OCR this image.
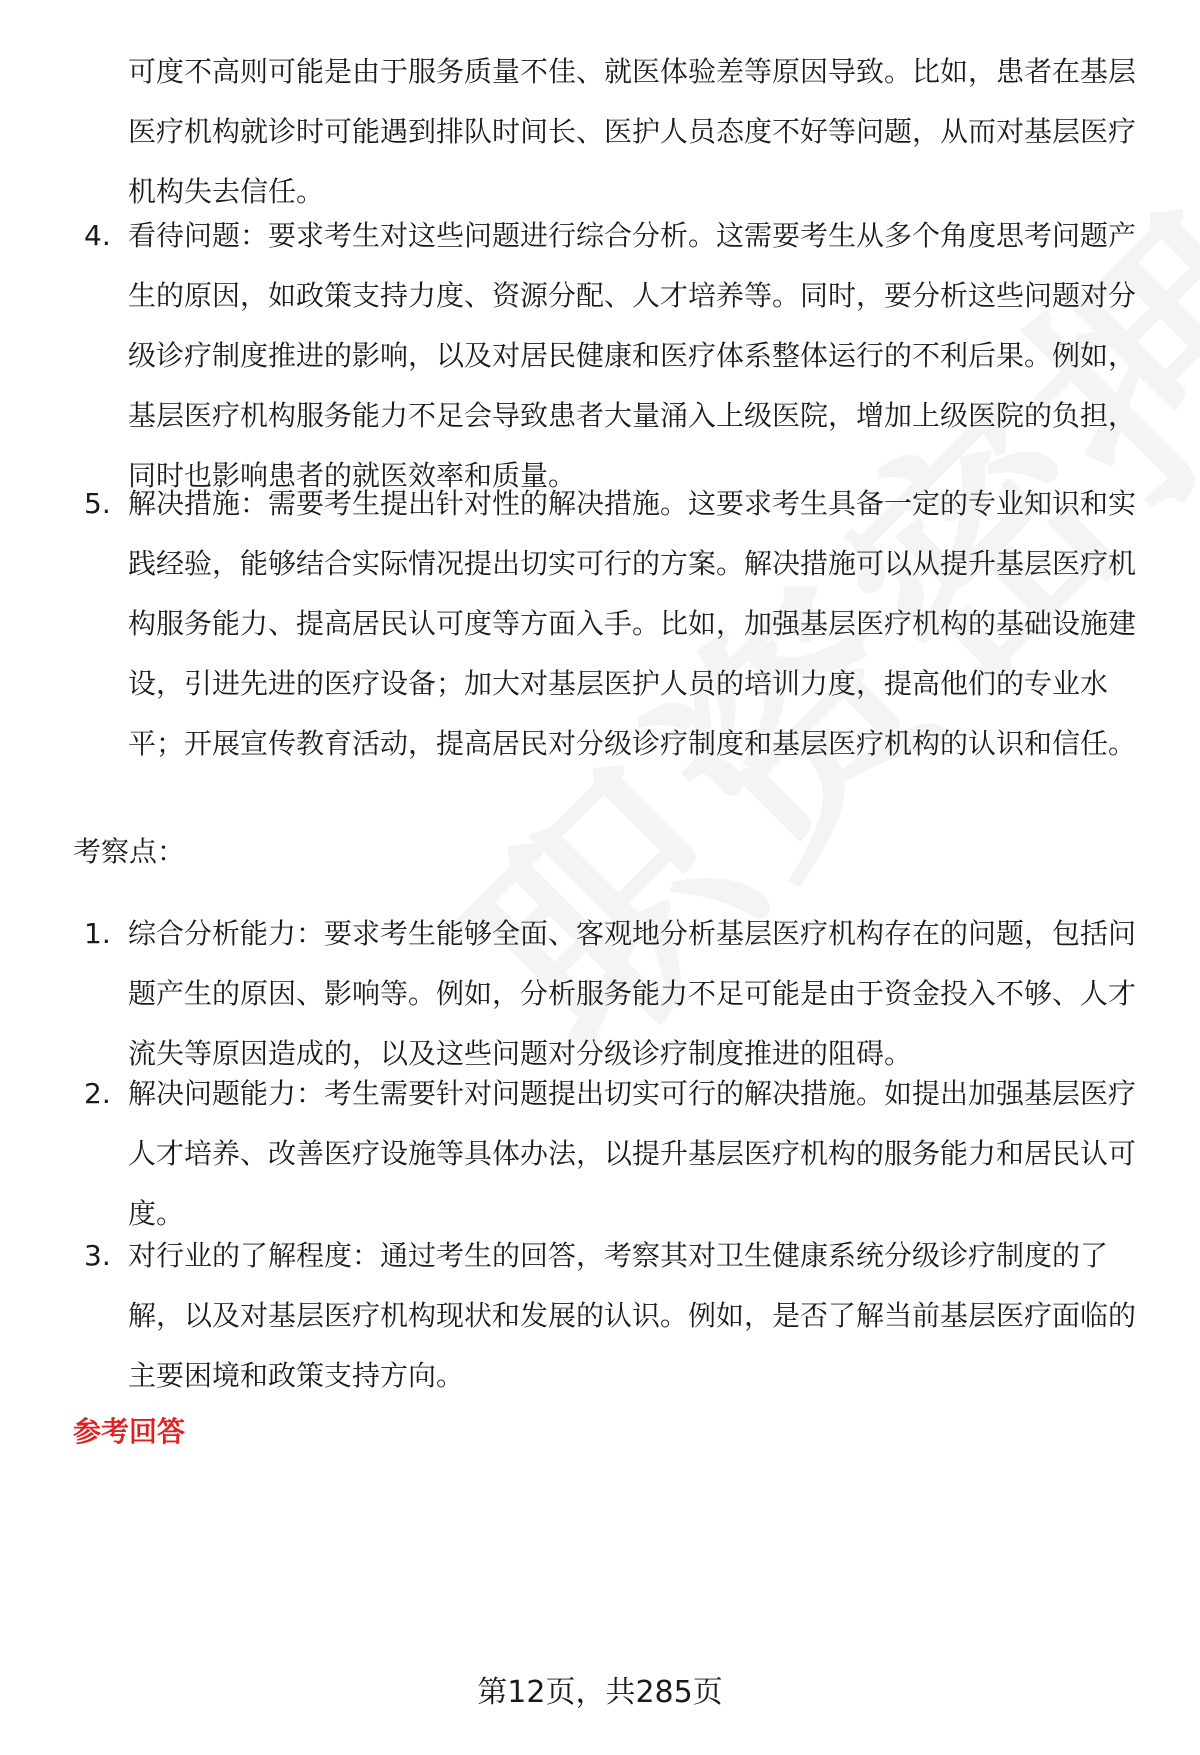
可度不高则可能是由于服务质量不佳、就医体验差等原因导致。比如，患者在基层医疗机构就诊时可能遇到排队时间长、医护人员态度不好等问题，从而对基层医疗机构失去信任。

4. 看待问题：要求考生对这些问题进行综合分析。这需要考生从多个角度思考问题产生的原因，如政策支持力度、资源分配、人才培养等。同时，要分析这些问题对分级诊疗制度推进的影响，以及对居民健康和医疗体系整体运行的不利后果。例如，基层医疗机构服务能力不足会导致患者大量涌入上级医院，增加上级医院的负担，同时也影响患者的就医效率和质量。
5. 解决措施：需要考生提出针对性的解决措施。这要求考生具备一定的专业知识和实践经验，能够结合实际情况提出切实可行的方案。解决措施可以从提升基层医疗机构服务能力、提高居民认可度等方面入手。比如，加强基层医疗机构的基础设施建设，引进先进的医疗设备；加大对基层医护人员的培训力度，提高他们的专业水平；开展宣传教育活动，提高居民对分级诊疗制度和基层医疗机构的认识和信任。

考察点：

1. 综合分析能力：要求考生能够全面、客观地分析基层医疗机构存在的问题，包括问题产生的原因、影响等。例如，分析服务能力不足可能是由于资金投入不够、人才流失等原因造成的，以及这些问题对分级诊疗制度推进的阻碍。
2. 解决问题能力：考生需要针对问题提出切实可行的解决措施。如提出加强基层医疗人才培养、改善医疗设施等具体办法，以提升基层医疗机构的服务能力和居民认可度。
3. 对行业的了解程度：通过考生的回答，考察其对卫生健康系统分级诊疗制度的了解，以及对基层医疗机构现状和发展的认识。例如，是否了解当前基层医疗面临的主要困境和政策支持方向。

参考回答

第12页，共285页
